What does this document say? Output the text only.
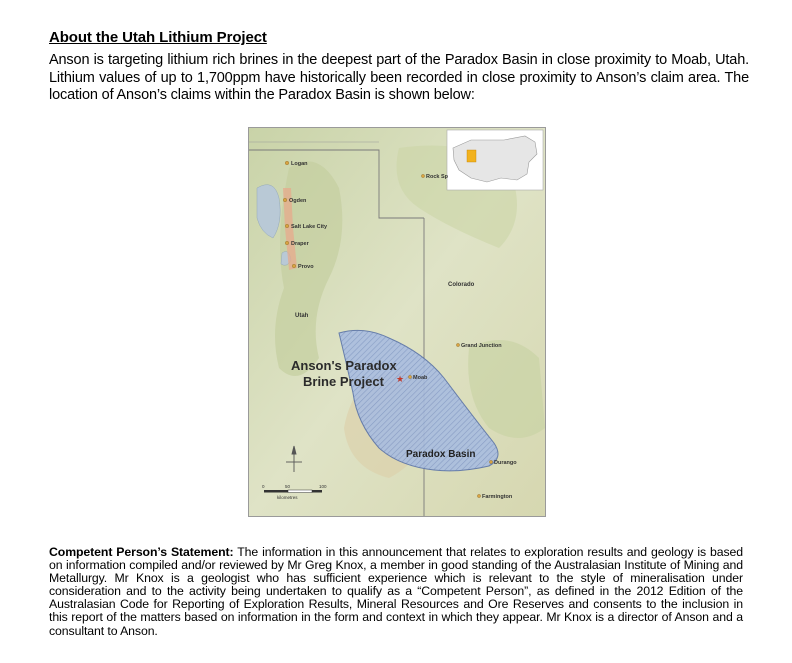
About the Utah Lithium Project
Anson is targeting lithium rich brines in the deepest part of the Paradox Basin in close proximity to Moab, Utah. Lithium values of up to 1,700ppm have historically been recorded in close proximity to Anson’s claim area. The location of Anson’s claims within the Paradox Basin is shown below:
Logan
Ogden
Salt Lake City
Draper
Provo
Rock Sp
Grand Junction
Moab
Durango
Farmington
Utah
Colorado
Anson's Paradox
Brine Project ★
Paradox Basin
0	50	100
kilometres
Competent Person’s Statement: The information in this announcement that relates to exploration results and geology is based on information compiled and/or reviewed by Mr Greg Knox, a member in good standing of the Australasian Institute of Mining and Metallurgy. Mr Knox is a geologist who has sufficient experience which is relevant to the style of mineralisation under consideration and to the activity being undertaken to qualify as a “Competent Person”, as defined in the 2012 Edition of the Australasian Code for Reporting of Exploration Results, Mineral Resources and Ore Reserves and consents to the inclusion in this report of the matters based on information in the form and context in which they appear. Mr Knox is a director of Anson and a consultant to Anson.
